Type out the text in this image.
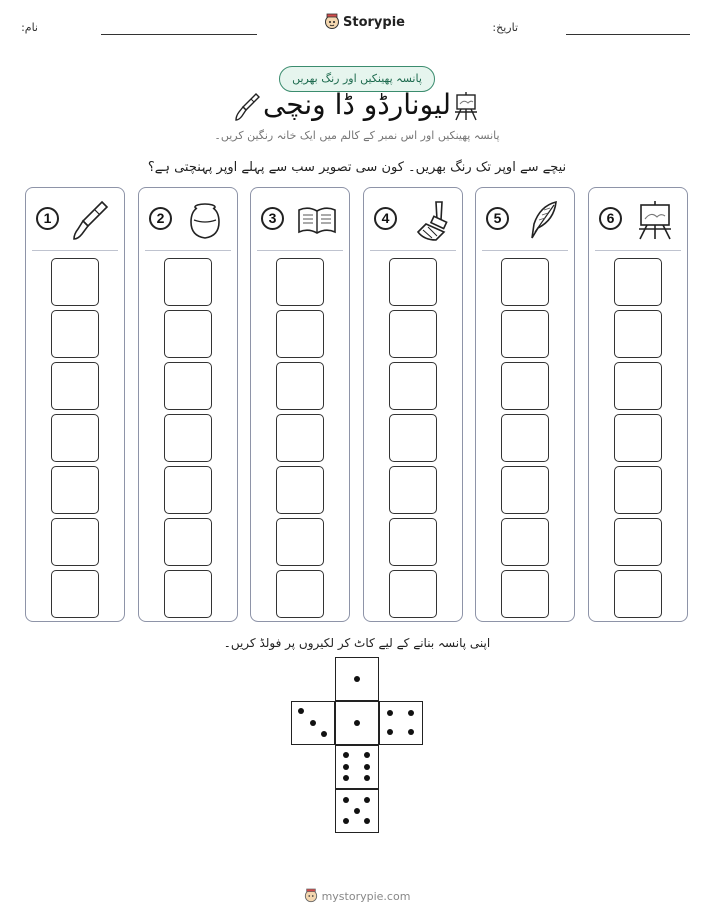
نام:	Storypie	تاریخ:
پانسہ پھینکیں اور رنگ بھریں
لیونارڈو ڈا ونچی
پانسہ پھینکیں اور اس نمبر کے کالم میں ایک خانہ رنگین کریں۔
نیچے سے اوپر تک رنگ بھریں۔ کون سی تصویر سب سے پہلے اوپر پہنچتی ہے؟
1	2	3	4	5	6
اپنی پانسہ بنانے کے لیے کاٹ کر لکیروں پر فولڈ کریں۔
mystorypie.com
